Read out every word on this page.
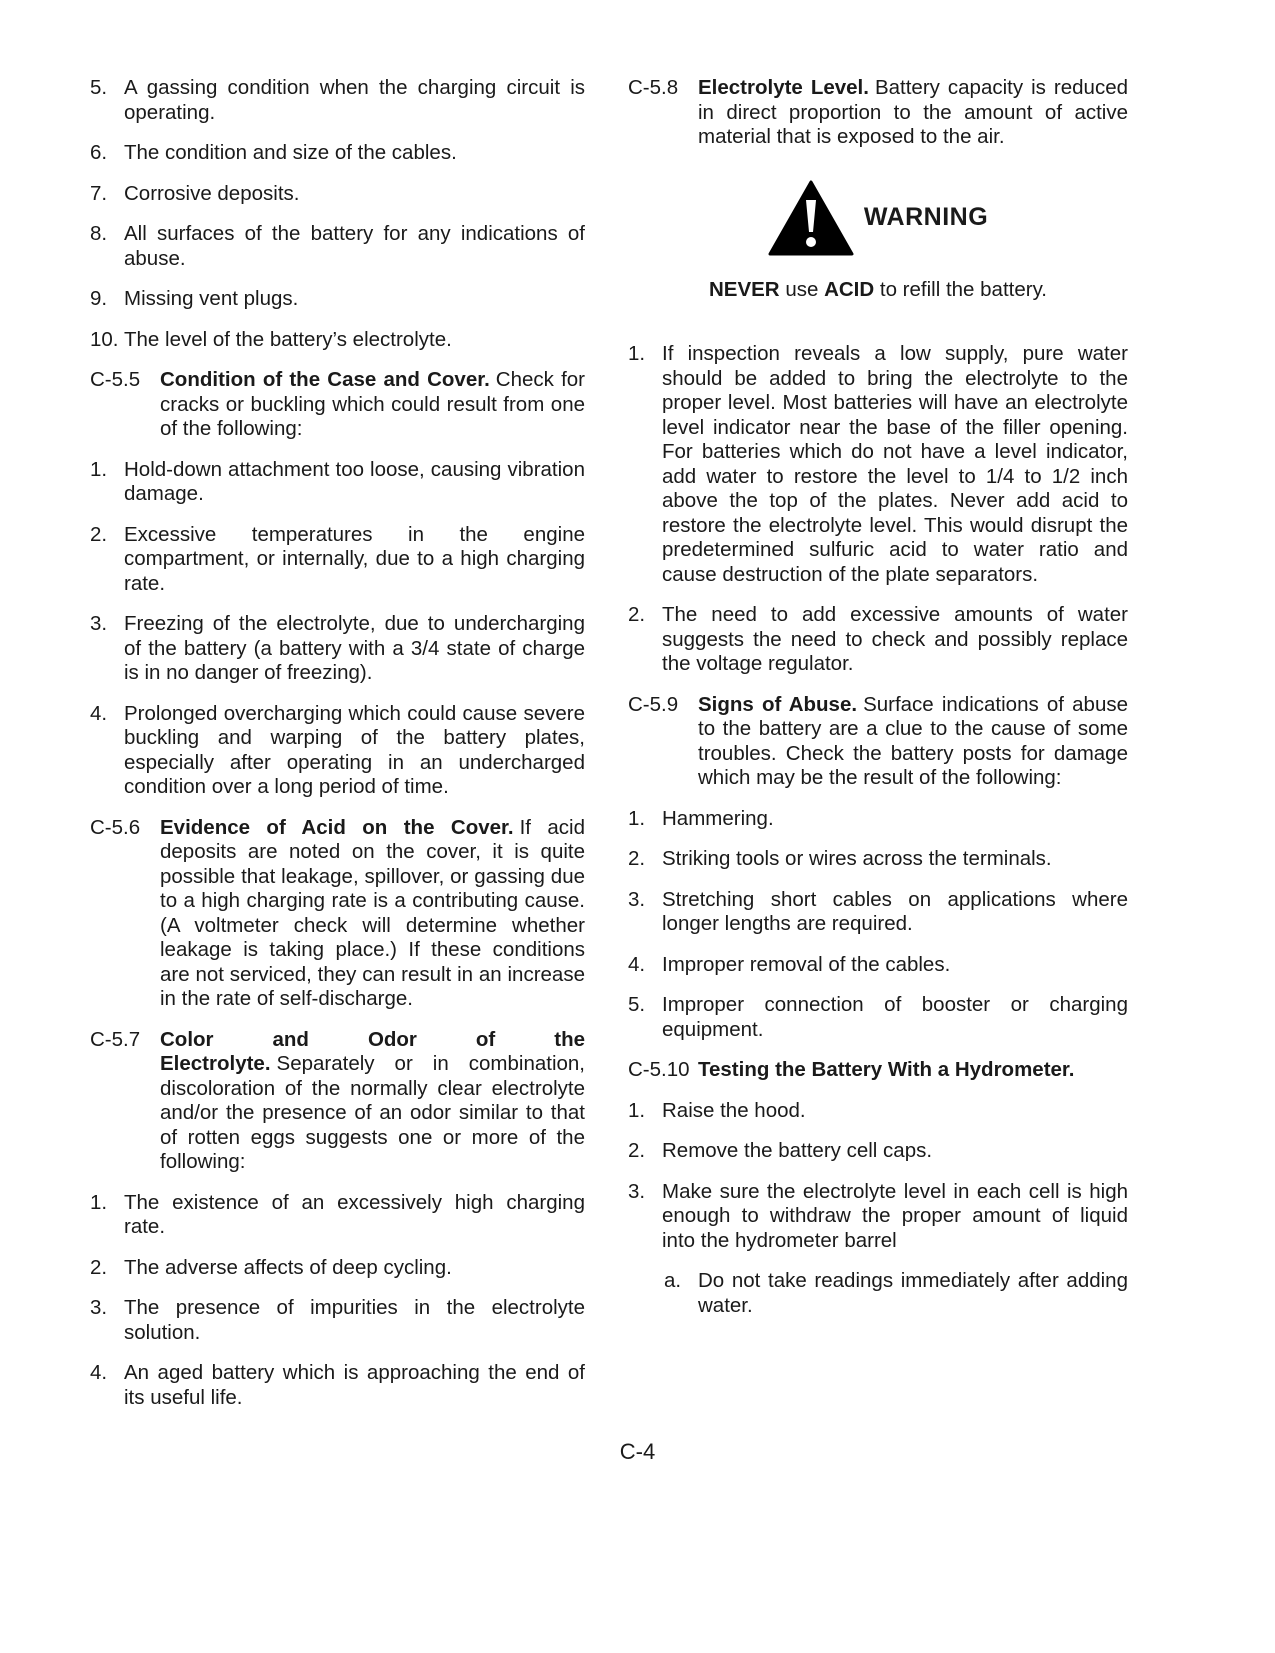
5. A gassing condition when the charging circuit is operating.
6. The condition and size of the cables.
7. Corrosive deposits.
8. All surfaces of the battery for any indications of abuse.
9. Missing vent plugs.
10. The level of the battery’s electrolyte.
C-5.5 Condition of the Case and Cover. Check for cracks or buckling which could result from one of the following:
1. Hold-down attachment too loose, causing vibration damage.
2. Excessive temperatures in the engine compartment, or internally, due to a high charging rate.
3. Freezing of the electrolyte, due to undercharging of the battery (a battery with a 3/4 state of charge is in no danger of freezing).
4. Prolonged overcharging which could cause severe buckling and warping of the battery plates, especially after operating in an undercharged condition over a long period of time.
C-5.6 Evidence of Acid on the Cover. If acid deposits are noted on the cover, it is quite possible that leakage, spillover, or gassing due to a high charging rate is a contributing cause. (A voltmeter check will determine whether leakage is taking place.) If these conditions are not serviced, they can result in an increase in the rate of self-discharge.
C-5.7 Color and Odor of the Electrolyte. Separately or in combination, discoloration of the normally clear electrolyte and/or the presence of an odor similar to that of rotten eggs suggests one or more of the following:
1. The existence of an excessively high charging rate.
2. The adverse affects of deep cycling.
3. The presence of impurities in the electrolyte solution.
4. An aged battery which is approaching the end of its useful life.
C-5.8 Electrolyte Level. Battery capacity is reduced in direct proportion to the amount of active material that is exposed to the air.
WARNING
NEVER use ACID to refill the battery.
1. If inspection reveals a low supply, pure water should be added to bring the electrolyte to the proper level. Most batteries will have an electrolyte level indicator near the base of the filler opening. For batteries which do not have a level indicator, add water to restore the level to 1/4 to 1/2 inch above the top of the plates. Never add acid to restore the electrolyte level. This would disrupt the predetermined sulfuric acid to water ratio and cause destruction of the plate separators.
2. The need to add excessive amounts of water suggests the need to check and possibly replace the voltage regulator.
C-5.9 Signs of Abuse. Surface indications of abuse to the battery are a clue to the cause of some troubles. Check the battery posts for damage which may be the result of the following:
1. Hammering.
2. Striking tools or wires across the terminals.
3. Stretching short cables on applications where longer lengths are required.
4. Improper removal of the cables.
5. Improper connection of booster or charging equipment.
C-5.10 Testing the Battery With a Hydrometer.
1. Raise the hood.
2. Remove the battery cell caps.
3. Make sure the electrolyte level in each cell is high enough to withdraw the proper amount of liquid into the hydrometer barrel
a. Do not take readings immediately after adding water.
C-4
